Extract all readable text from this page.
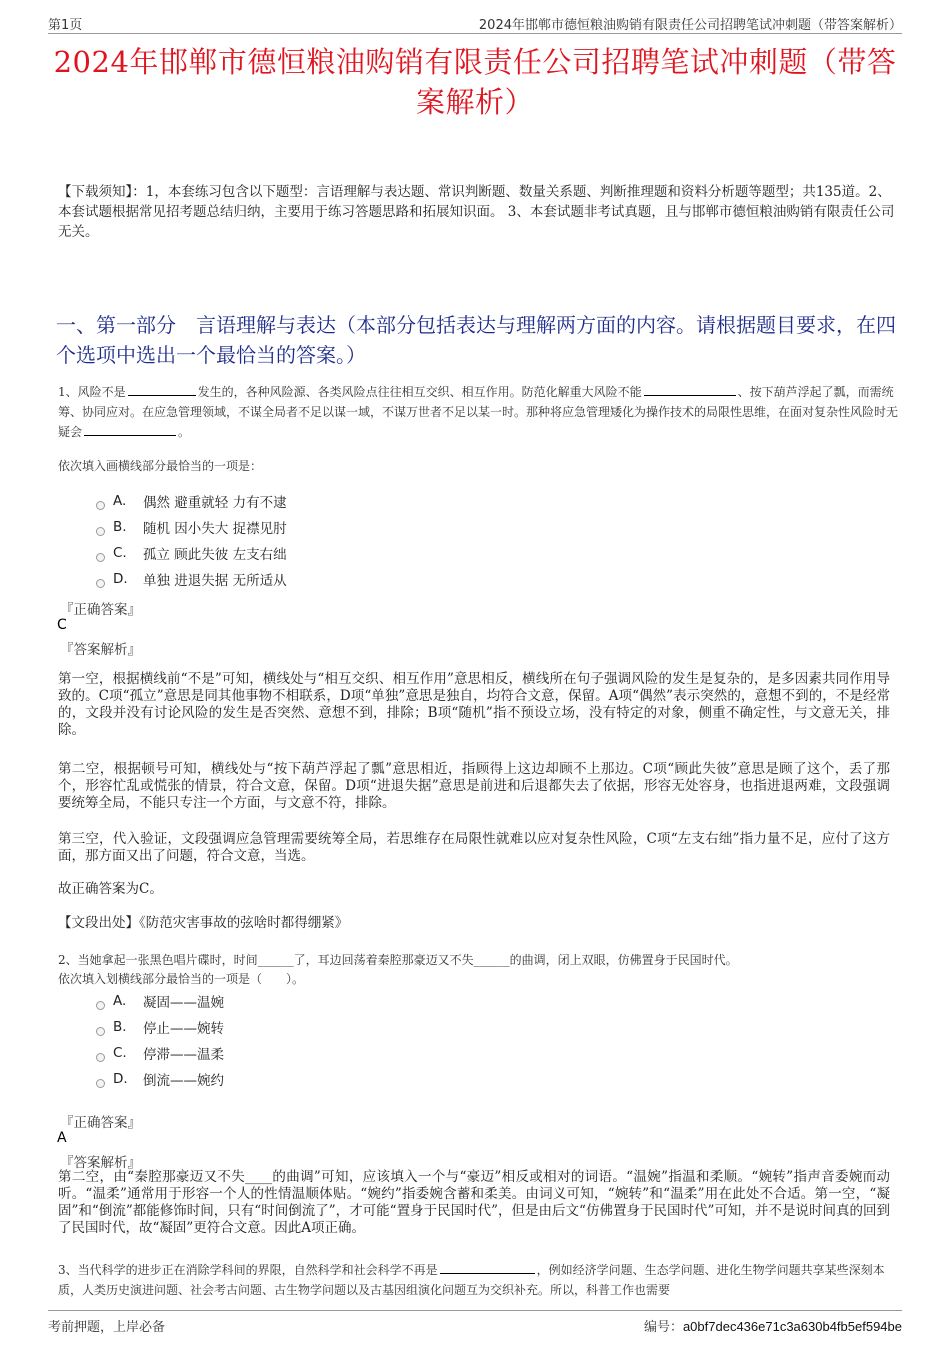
第1页	2024年邯郸市德恒粮油购销有限责任公司招聘笔试冲刺题（带答案解析）
2024年邯郸市德恒粮油购销有限责任公司招聘笔试冲刺题（带答案解析）
【下载须知】：1，本套练习包含以下题型：言语理解与表达题、常识判断题、数量关系题、判断推理题和资料分析题等题型；共135道。2、本套试题根据常见招考题总结归纳，主要用于练习答题思路和拓展知识面。 3、本套试题非考试真题，且与邯郸市德恒粮油购销有限责任公司无关。
一、第一部分　言语理解与表达（本部分包括表达与理解两方面的内容。请根据题目要求，在四个选项中选出一个最恰当的答案。）
1、风险不是	发生的，各种风险源、各类风险点往往相互交织、相互作用。防范化解重大风险不能	、按下葫芦浮起了瓢，而需统筹、协同应对。在应急管理领域，不谋全局者不足以谋一域，不谋万世者不足以某一时。那种将应急管理矮化为操作技术的局限性思维，在面对复杂性风险时无疑会	。
依次填入画横线部分最恰当的一项是：
A.	偶然 避重就轻 力有不逮
B.	随机 因小失大 捉襟见肘
C.	孤立 顾此失彼 左支右绌
D.	单独 进退失据 无所适从
『正确答案』
C
『答案解析』
第一空，根据横线前“不是”可知，横线处与“相互交织、相互作用”意思相反，横线所在句子强调风险的发生是复杂的，是多因素共同作用导致的。C项“孤立”意思是同其他事物不相联系，D项“单独”意思是独自，均符合文意，保留。A项“偶然”表示突然的，意想不到的，不是经常的，文段并没有讨论风险的发生是否突然、意想不到，排除；B项“随机”指不预设立场，没有特定的对象，侧重不确定性，与文意无关，排除。
第二空，根据顿号可知，横线处与“按下葫芦浮起了瓢”意思相近，指顾得上这边却顾不上那边。C项“顾此失彼”意思是顾了这个，丢了那个，形容忙乱或慌张的情景，符合文意，保留。D项“进退失据”意思是前进和后退都失去了依据，形容无处容身，也指进退两难，文段强调要统筹全局，不能只专注一个方面，与文意不符，排除。
第三空，代入验证，文段强调应急管理需要统筹全局，若思维存在局限性就难以应对复杂性风险，C项“左支右绌”指力量不足，应付了这方面，那方面又出了问题，符合文意，当选。
故正确答案为C。
【文段出处】《防范灾害事故的弦啥时都得绷紧》
2、当她拿起一张黑色唱片碟时，时间______了，耳边回荡着秦腔那豪迈又不失______的曲调，闭上双眼，仿佛置身于民国时代。
依次填入划横线部分最恰当的一项是（　　）。
A.	凝固——温婉
B.	停止——婉转
C.	停滞——温柔
D.	倒流——婉约
『正确答案』
A
『答案解析』
第二空，由“秦腔那豪迈又不失____的曲调”可知，应该填入一个与“豪迈”相反或相对的词语。“温婉”指温和柔顺。“婉转”指声音委婉而动听。“温柔”通常用于形容一个人的性情温顺体贴。“婉约”指委婉含蓄和柔美。由词义可知，“婉转”和“温柔”用在此处不合适。第一空，“凝固”和“倒流”都能修饰时间，只有“时间倒流了”，才可能“置身于民国时代”，但是由后文“仿佛置身于民国时代”可知，并不是说时间真的回到了民国时代，故“凝固”更符合文意。因此A项正确。
3、当代科学的进步正在消除学科间的界限，自然科学和社会科学不再是	，例如经济学问题、生态学问题、进化生物学问题共享某些深刻本质，人类历史演进问题、社会考古问题、古生物学问题以及古基因组演化问题互为交织补充。所以，科普工作也需要
考前押题，上岸必备	编号：a0bf7dec436e71c3a630b4fb5ef594be
